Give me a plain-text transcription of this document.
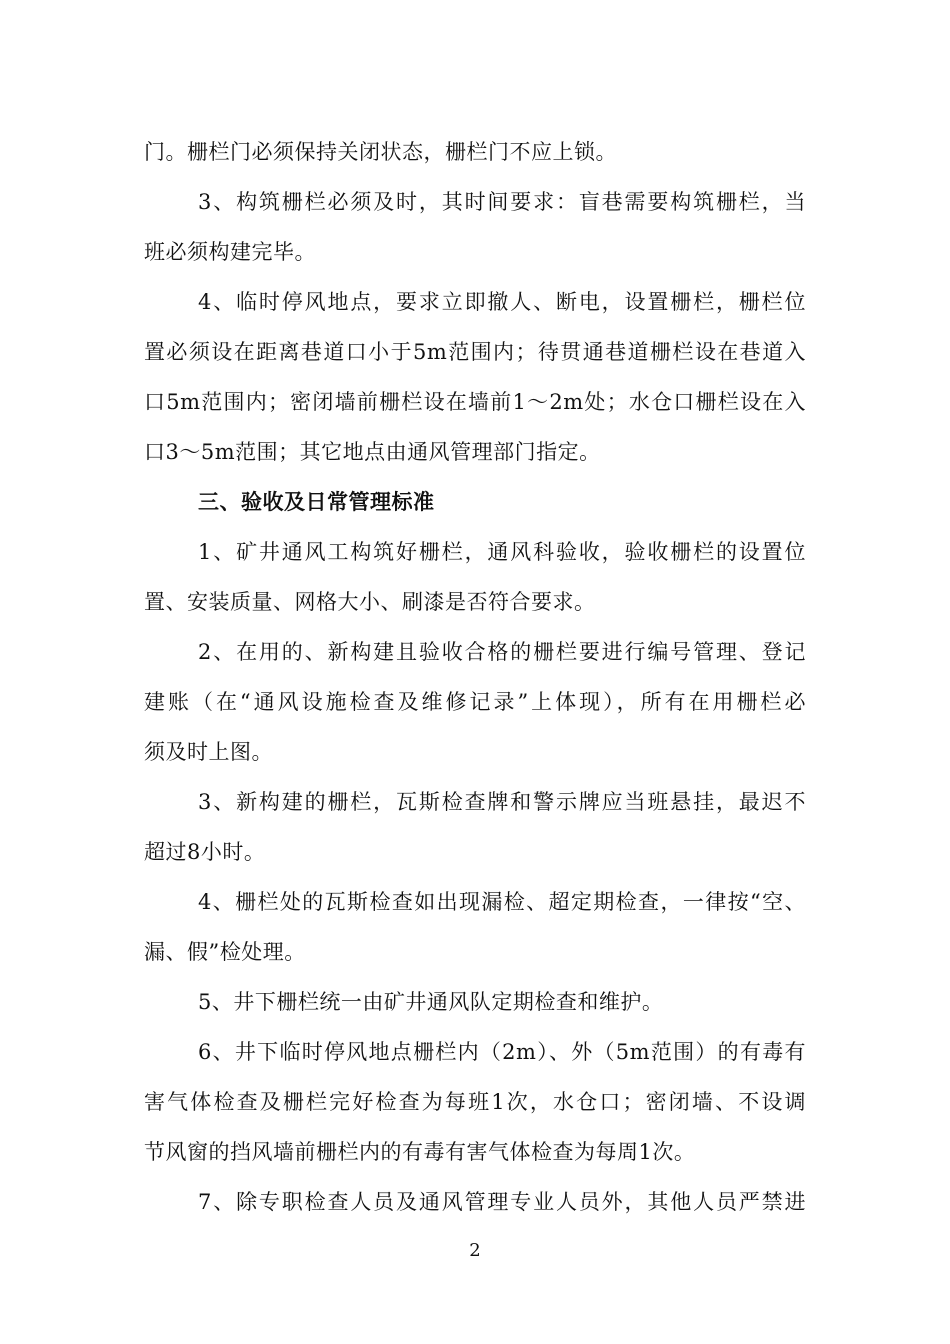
门。栅栏门必须保持关闭状态，栅栏门不应上锁。
3、构筑栅栏必须及时，其时间要求：盲巷需要构筑栅栏，当
班必须构建完毕。
4、临时停风地点，要求立即撤人、断电，设置栅栏，栅栏位
置必须设在距离巷道口小于5m范围内；待贯通巷道栅栏设在巷道入
口5m范围内；密闭墙前栅栏设在墙前1～2m处；水仓口栅栏设在入
口3～5m范围；其它地点由通风管理部门指定。
三、验收及日常管理标准
1、矿井通风工构筑好栅栏，通风科验收，验收栅栏的设置位
置、安装质量、网格大小、刷漆是否符合要求。
2、在用的、新构建且验收合格的栅栏要进行编号管理、登记
建账（在“通风设施检查及维修记录”上体现），所有在用栅栏必
须及时上图。
3、新构建的栅栏，瓦斯检查牌和警示牌应当班悬挂，最迟不
超过8小时。
4、栅栏处的瓦斯检查如出现漏检、超定期检查，一律按“空、
漏、假”检处理。
5、井下栅栏统一由矿井通风队定期检查和维护。
6、井下临时停风地点栅栏内（2m）、外（5m范围）的有毒有
害气体检查及栅栏完好检查为每班1次，水仓口；密闭墙、不设调
节风窗的挡风墙前栅栏内的有毒有害气体检查为每周1次。
7、除专职检查人员及通风管理专业人员外，其他人员严禁进
2
